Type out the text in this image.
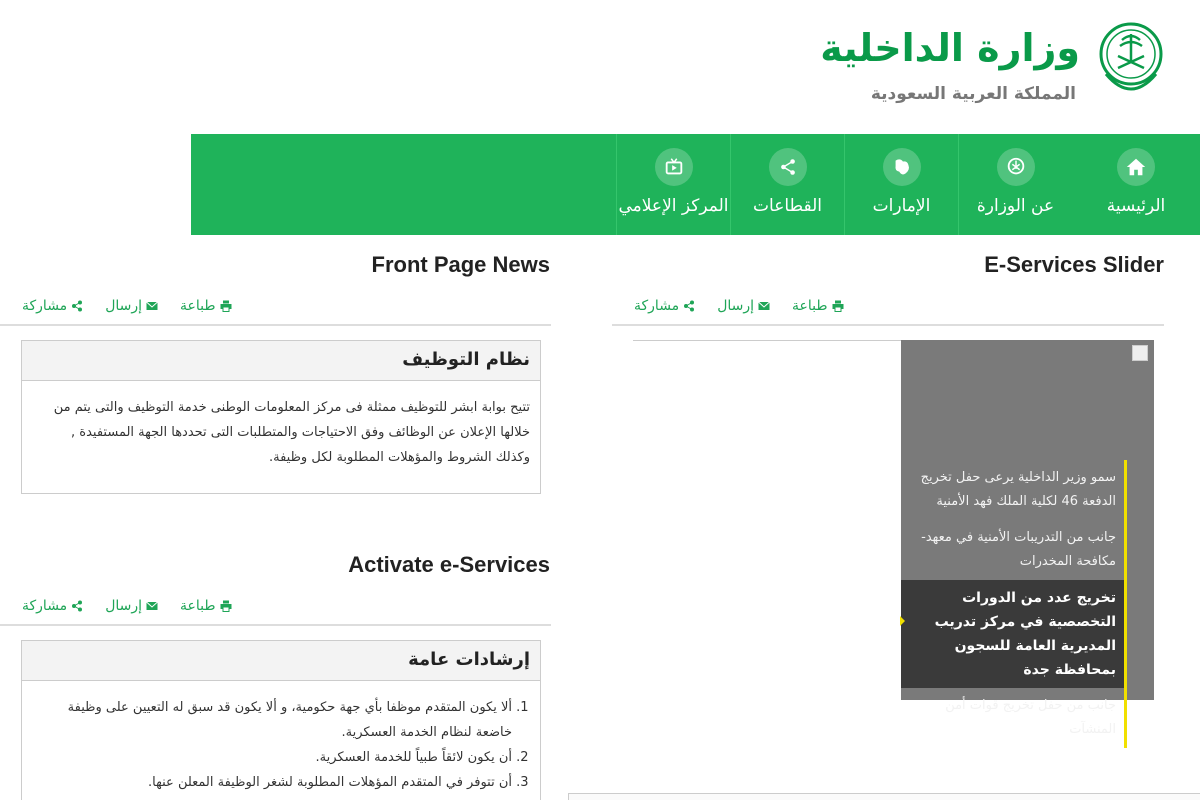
وزارة الداخلية
المملكة العربية السعودية
الرئيسية
عن الوزارة
الإمارات
القطاعات
المركز الإعلامي
E-Services Slider
مشاركة	إرسال	طباعة
سمو وزير الداخلية يرعى حفل تخريج الدفعة 46 لكلية الملك فهد الأمنية
جانب من التدريبات الأمنية في معهد- مكافحة المخدرات
تخريج عدد من الدورات التخصصية في مركز تدريب المديرية العامة للسجون بمحافظة جدة
جانب من حفل تخريج قوات أمن المنشآت
Front Page News
مشاركة	إرسال	طباعة
نظام التوظيف
تتيح بوابة ابشر للتوظيف ممثلة فى مركز المعلومات الوطنى خدمة التوظيف والتى يتم من خلالها الإعلان عن الوظائف وفق الاحتياجات والمتطلبات التى تحددها الجهة المستفيدة , وكذلك الشروط والمؤهلات المطلوبة لكل وظيفة.
Activate e-Services
مشاركة	إرسال	طباعة
إرشادات عامة
1. ألا يكون المتقدم موظفا بأي جهة حكومية، و ألا يكون قد سبق له التعيين على وظيفة خاضعة لنظام الخدمة العسكرية.
2. أن يكون لائقاً طبياً للخدمة العسكرية.
3. أن تتوفر في المتقدم المؤهلات المطلوبة لشغر الوظيفة المعلن عنها.
